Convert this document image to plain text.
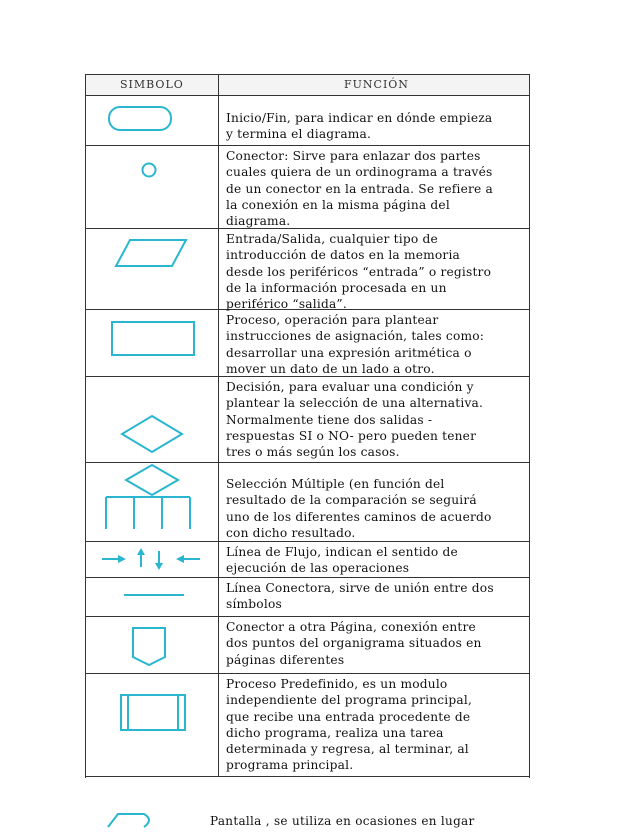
SIMBOLO	FUNCIÓN
Inicio/Fin, para indicar en dónde empieza
y termina el diagrama.
Conector: Sirve para enlazar dos partes
cuales quiera de un ordinograma a través
de un conector en la entrada. Se refiere a
la conexión en la misma página del
diagrama.
Entrada/Salida, cualquier tipo de
introducción de datos en la memoria
desde los periféricos “entrada” o registro
de la información procesada en un
periférico “salida”.
Proceso, operación para plantear
instrucciones de asignación, tales como:
desarrollar una expresión aritmética o
mover un dato de un lado a otro.
Decisión, para evaluar una condición y
plantear la selección de una alternativa.
Normalmente tiene dos salidas -
respuestas SI o NO- pero pueden tener
tres o más según los casos.
Selección Múltiple (en función del
resultado de la comparación se seguirá
uno de los diferentes caminos de acuerdo
con dicho resultado.
Línea de Flujo, indican el sentido de
ejecución de las operaciones
Línea Conectora, sirve de unión entre dos
símbolos
Conector a otra Página, conexión entre
dos puntos del organigrama situados en
páginas diferentes
Proceso Predefinido, es un modulo
independiente del programa principal,
que recibe una entrada procedente de
dicho programa, realiza una tarea
determinada y regresa, al terminar, al
programa principal.
Pantalla , se utiliza en ocasiones en lugar
